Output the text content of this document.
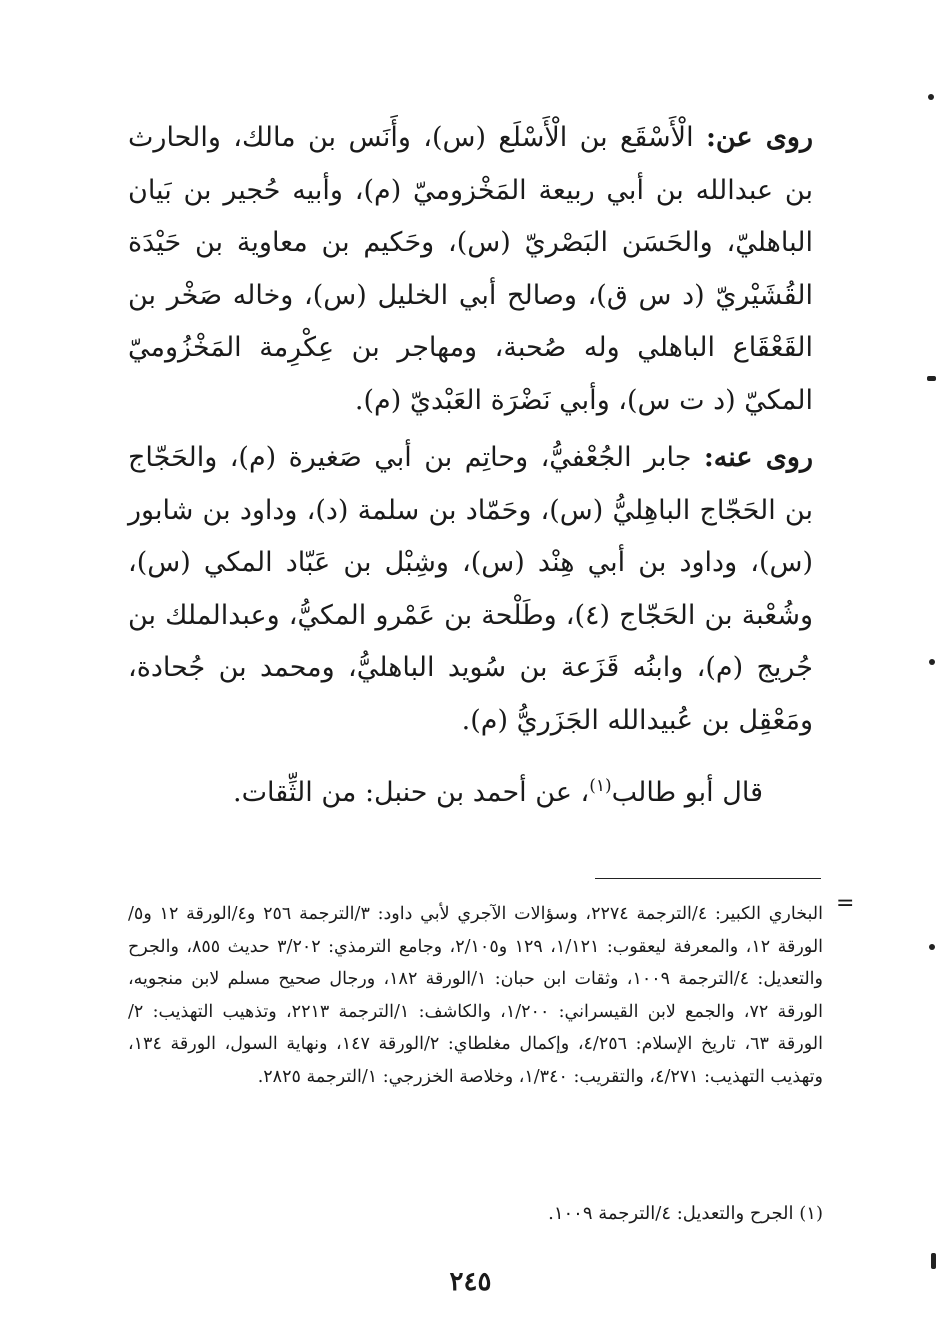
روى عن: الْأَسْقَع بن الْأَسْلَع (س)، وأَنَس بن مالك، والحارث بن عبدالله بن أبي ربيعة المَخْزوميّ (م)، وأبيه حُجير بن بَيان الباهليّ، والحَسَن البَصْريّ (س)، وحَكيم بن معاوية بن حَيْدَة القُشَيْريّ (د س ق)، وصالح أبي الخليل (س)، وخاله صَخْر بن القَعْقَاع الباهلي وله صُحبة، ومهاجر بن عِكْرِمة المَخْزُوميّ المكيّ (د ت س)، وأبي نَضْرَة العَبْديّ (م).

روى عنه: جابر الجُعْفيُّ، وحاتِم بن أبي صَغيرة (م)، والحَجّاج بن الحَجّاج الباهِليُّ (س)، وحَمّاد بن سلمة (د)، وداود بن شابور (س)، وداود بن أبي هِنْد (س)، وشِبْل بن عَبّاد المكي (س)، وشُعْبة بن الحَجّاج (٤)، وطَلْحة بن عَمْرو المكيُّ، وعبدالملك بن جُريج (م)، وابنُه قَزَعة بن سُويد الباهليُّ، ومحمد بن جُحادة، ومَعْقِل بن عُبيدالله الجَزَريُّ (م).

قال أبو طالب$^{(١)}$، عن أحمد بن حنبل: من الثِّقات.

=

البخاري الكبير: ٤/الترجمة ٢٢٧٤، وسؤالات الآجري لأبي داود: ٣/الترجمة ٢٥٦ و٤/الورقة ١٢ و٥/الورقة ١٢، والمعرفة ليعقوب: ١/١٢١، ١٢٩ و٢/١٠٥، وجامع الترمذي: ٣/٢٠٢ حديث ٨٥٥، والجرح والتعديل: ٤/الترجمة ١٠٠٩، وثقات ابن حبان: ١/الورقة ١٨٢، ورجال صحيح مسلم لابن منجويه، الورقة ٧٢، والجمع لابن القيسراني: ١/٢٠٠، والكاشف: ١/الترجمة ٢٢١٣، وتذهيب التهذيب: ٢/الورقة ٦٣، تاريخ الإسلام: ٤/٢٥٦، وإكمال مغلطاي: ٢/الورقة ١٤٧، ونهاية السول، الورقة ١٣٤، وتهذيب التهذيب: ٤/٢٧١، والتقريب: ١/٣٤٠، وخلاصة الخزرجي: ١/الترجمة ٢٨٢٥.

(١) الجرح والتعديل: ٤/الترجمة ١٠٠٩.
٢٤٥
